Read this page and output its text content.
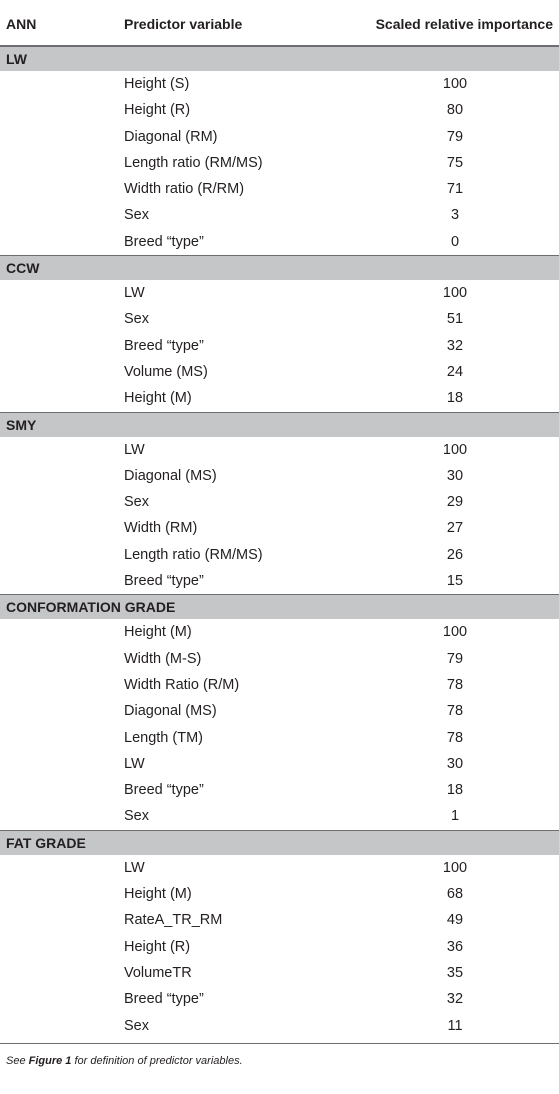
ANN	Predictor variable	Scaled relative importance
LW
Height (S)	100
Height (R)	80
Diagonal (RM)	79
Length ratio (RM/MS)	75
Width ratio (R/RM)	71
Sex	3
Breed “type”	0
CCW
LW	100
Sex	51
Breed “type”	32
Volume (MS)	24
Height (M)	18
SMY
LW	100
Diagonal (MS)	30
Sex	29
Width (RM)	27
Length ratio (RM/MS)	26
Breed “type”	15
CONFORMATION GRADE
Height (M)	100
Width (M-S)	79
Width Ratio (R/M)	78
Diagonal (MS)	78
Length (TM)	78
LW	30
Breed “type”	18
Sex	1
FAT GRADE
LW	100
Height (M)	68
RateA_TR_RM	49
Height (R)	36
VolumeTR	35
Breed “type”	32
Sex	11
See Figure 1 for definition of predictor variables.
